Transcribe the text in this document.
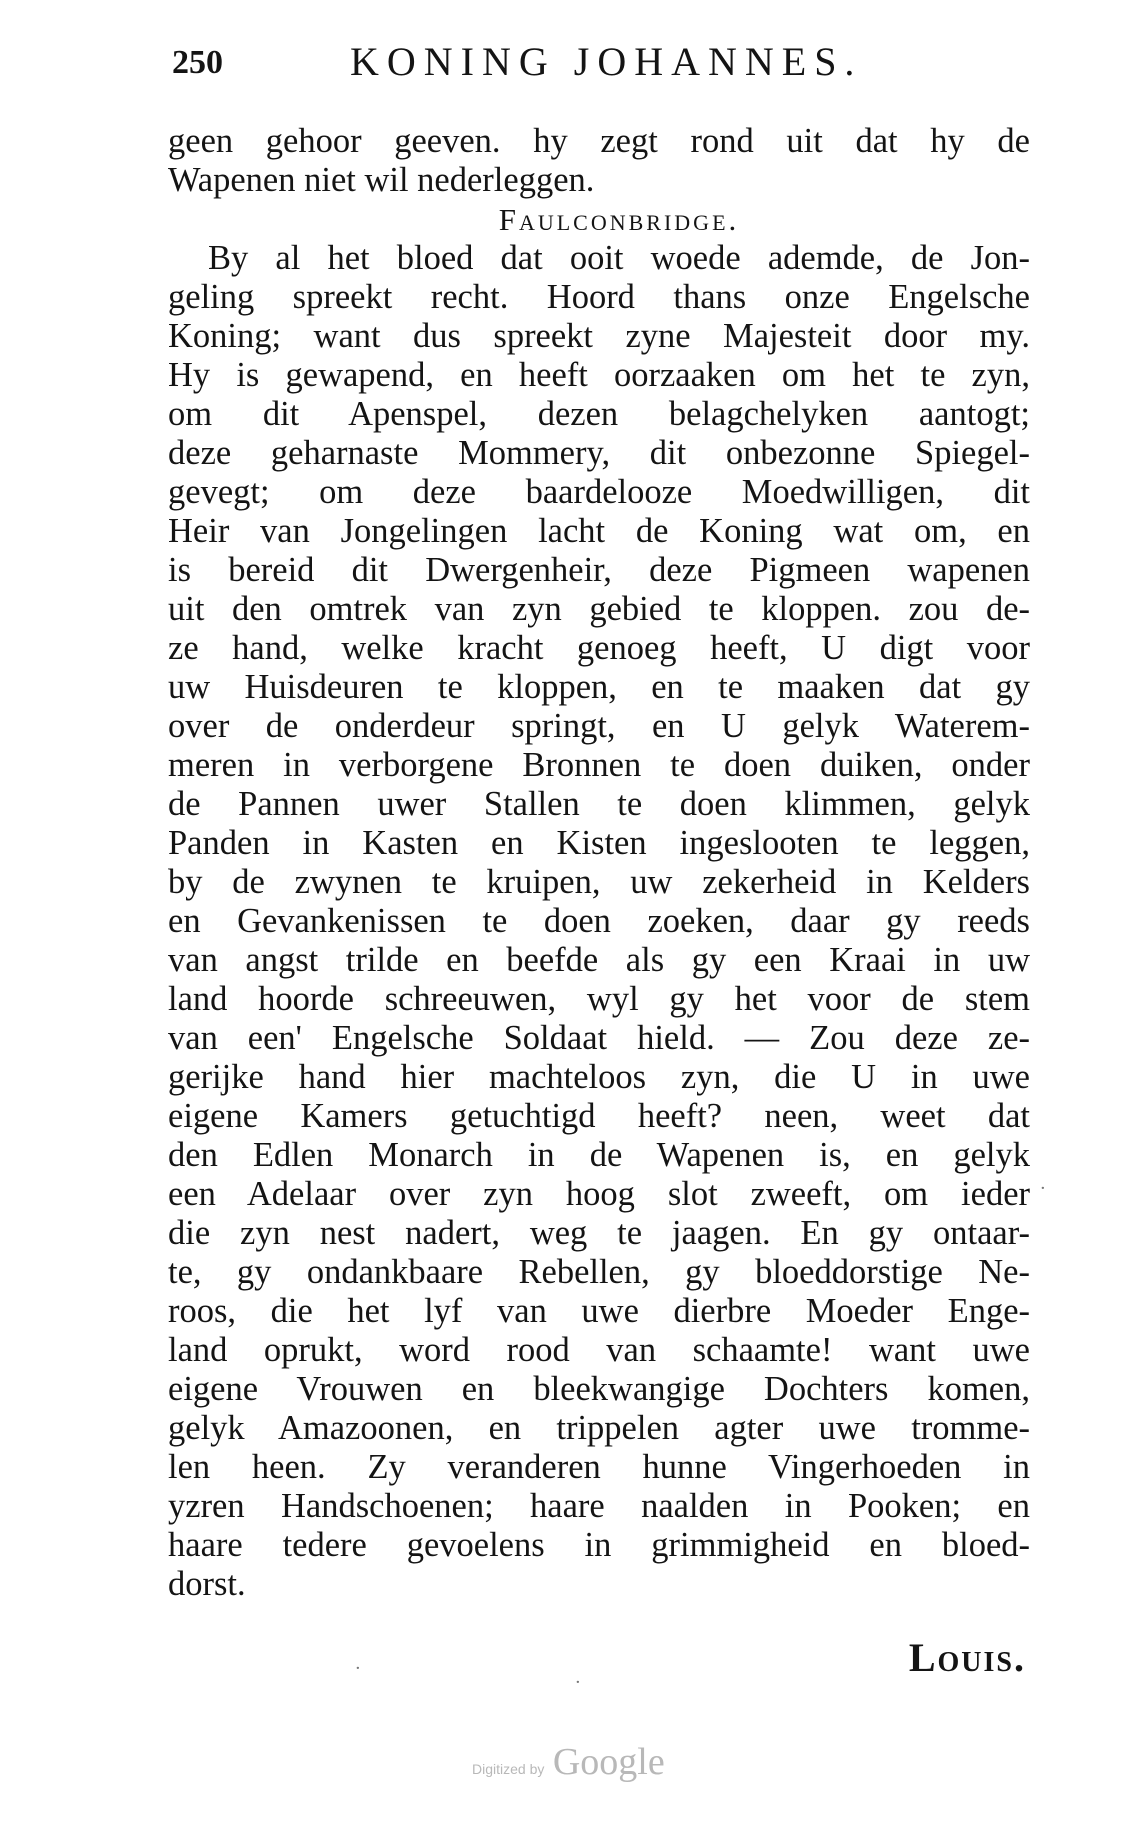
250	KONING JOHANNES.
geen gehoor geeven. hy zegt rond uit dat hy de
Wapenen niet wil nederleggen.
Faulconbridge.
By al het bloed dat ooit woede ademde, de Jon-
geling spreekt recht. Hoord thans onze Engelsche
Koning; want dus spreekt zyne Majesteit door my.
Hy is gewapend, en heeft oorzaaken om het te zyn,
om dit Apenspel, dezen belagchelyken aantogt;
deze geharnaste Mommery, dit onbezonne Spiegel-
gevegt; om deze baardelooze Moedwilligen, dit
Heir van Jongelingen lacht de Koning wat om, en
is bereid dit Dwergenheir, deze Pigmeen wapenen
uit den omtrek van zyn gebied te kloppen. zou de-
ze hand, welke kracht genoeg heeft, U digt voor
uw Huisdeuren te kloppen, en te maaken dat gy
over de onderdeur springt, en U gelyk Waterem-
meren in verborgene Bronnen te doen duiken, onder
de Pannen uwer Stallen te doen klimmen, gelyk
Panden in Kasten en Kisten ingeslooten te leggen,
by de zwynen te kruipen, uw zekerheid in Kelders
en Gevankenissen te doen zoeken, daar gy reeds
van angst trilde en beefde als gy een Kraai in uw
land hoorde schreeuwen, wyl gy het voor de stem
van een' Engelsche Soldaat hield. — Zou deze ze-
gerijke hand hier machteloos zyn, die U in uwe
eigene Kamers getuchtigd heeft? neen, weet dat
den Edlen Monarch in de Wapenen is, en gelyk
een Adelaar over zyn hoog slot zweeft, om ieder
die zyn nest nadert, weg te jaagen. En gy ontaar-
te, gy ondankbaare Rebellen, gy bloeddorstige Ne-
roos, die het lyf van uwe dierbre Moeder Enge-
land oprukt, word rood van schaamte! want uwe
eigene Vrouwen en bleekwangige Dochters komen,
gelyk Amazoonen, en trippelen agter uwe tromme-
len heen. Zy veranderen hunne Vingerhoeden in
yzren Handschoenen; haare naalden in Pooken; en
haare tedere gevoelens in grimmigheid en bloed-
dorst.
Louis.
Digitized by Google
·
·
·
